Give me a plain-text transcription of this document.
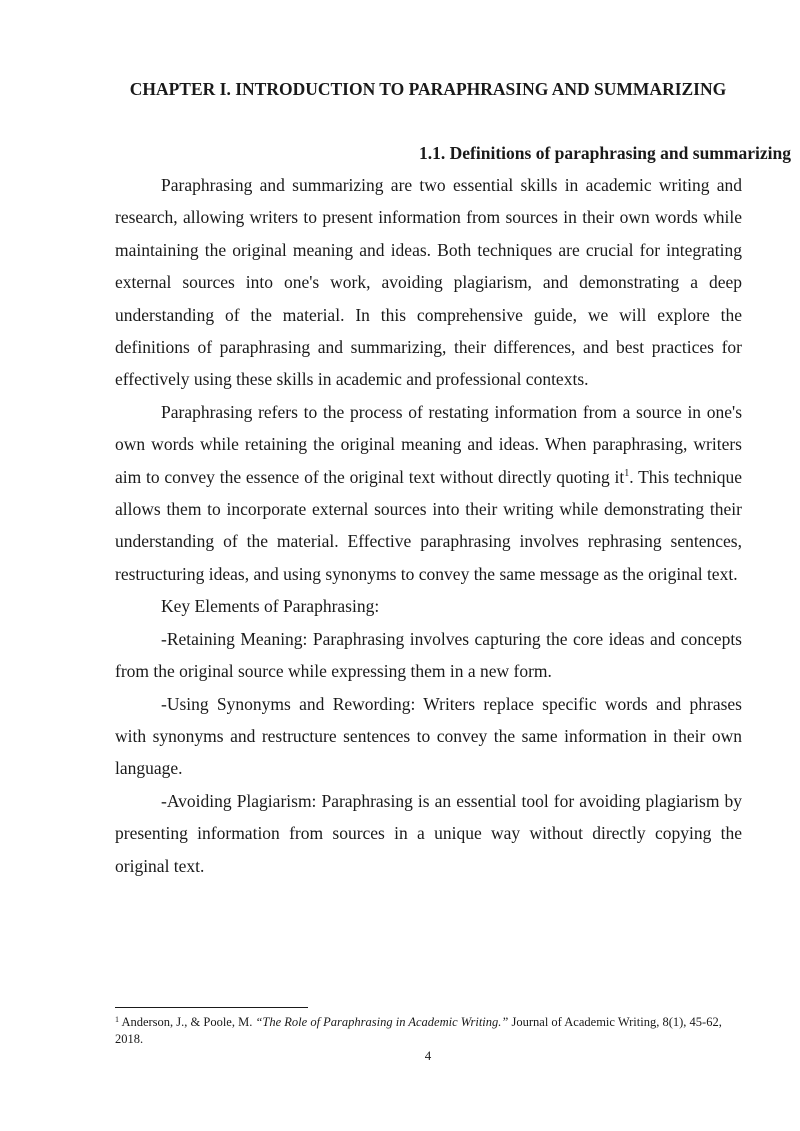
CHAPTER I. INTRODUCTION TO PARAPHRASING AND SUMMARIZING
1.1. Definitions of paraphrasing and summarizing

Paraphrasing and summarizing are two essential skills in academic writing and research, allowing writers to present information from sources in their own words while maintaining the original meaning and ideas. Both techniques are crucial for integrating external sources into one's work, avoiding plagiarism, and demonstrating a deep understanding of the material. In this comprehensive guide, we will explore the definitions of paraphrasing and summarizing, their differences, and best practices for effectively using these skills in academic and professional contexts.

Paraphrasing refers to the process of restating information from a source in one's own words while retaining the original meaning and ideas. When paraphrasing, writers aim to convey the essence of the original text without directly quoting $it^1$. This technique allows them to incorporate external sources into their writing while demonstrating their understanding of the material. Effective paraphrasing involves rephrasing sentences, restructuring ideas, and using synonyms to convey the same message as the original text.

Key Elements of Paraphrasing:

-Retaining Meaning: Paraphrasing involves capturing the core ideas and concepts from the original source while expressing them in a new form.

-Using Synonyms and Rewording: Writers replace specific words and phrases with synonyms and restructure sentences to convey the same information in their own language.

-Avoiding Plagiarism: Paraphrasing is an essential tool for avoiding plagiarism by presenting information from sources in a unique way without directly copying the original text.

$^1$ Anderson, J., & Poole, M. “The Role of Paraphrasing in Academic Writing.” Journal of Academic Writing, 8(1), 45-62, 2018.
4
